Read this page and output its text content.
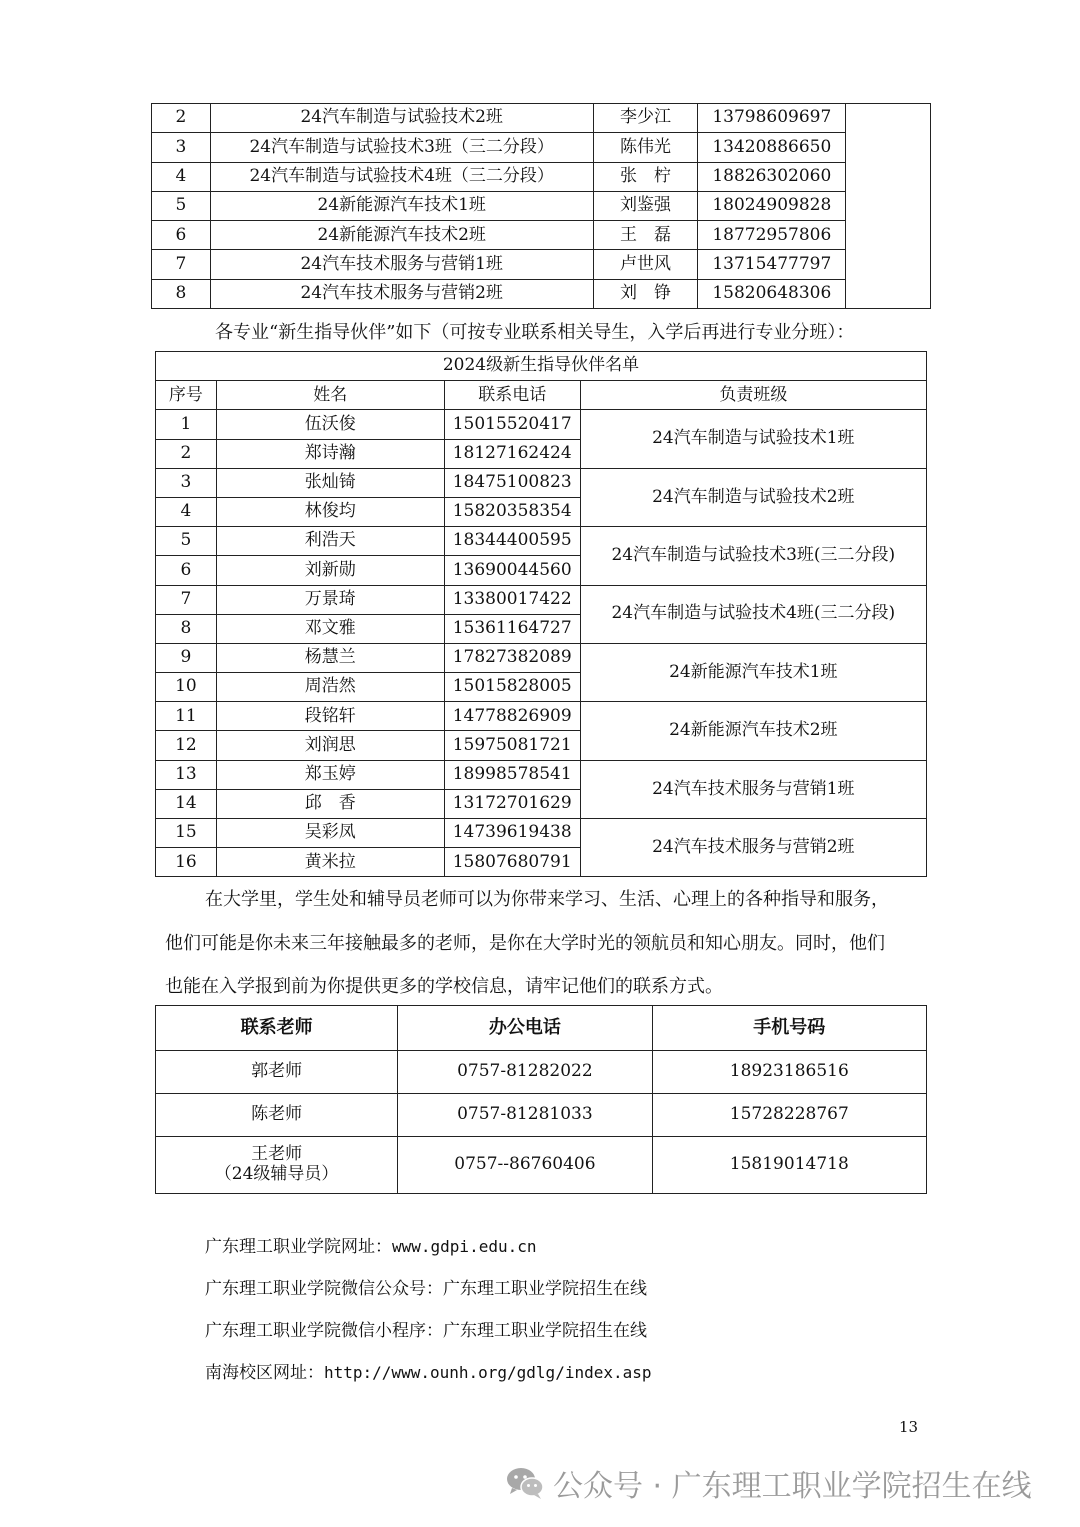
2	24汽车制造与试验技术2班	李少江	13798609697	
3	24汽车制造与试验技术3班（三二分段）	陈伟光	13420886650	
4	24汽车制造与试验技术4班（三二分段）	张　柠	18826302060	
5	24新能源汽车技术1班	刘鉴强	18024909828	
6	24新能源汽车技术2班	王　磊	18772957806	
7	24汽车技术服务与营销1班	卢世风	13715477797	
8	24汽车技术服务与营销2班	刘　铮	15820648306	
各专业“新生指导伙伴”如下（可按专业联系相关导生，入学后再进行专业分班）：
2024级新生指导伙伴名单			
序号	姓名	联系电话	负责班级
1	伍沃俊	15015520417	24汽车制造与试验技术1班
2	郑诗瀚	18127162424	
3	张灿锜	18475100823	24汽车制造与试验技术2班
4	林俊均	15820358354	
5	利浩天	18344400595	24汽车制造与试验技术3班(三二分段)
6	刘新勋	13690044560	
7	万景琦	13380017422	24汽车制造与试验技术4班(三二分段)
8	邓文雅	15361164727	
9	杨慧兰	17827382089	24新能源汽车技术1班
10	周浩然	15015828005	
11	段铭轩	14778826909	24新能源汽车技术2班
12	刘润思	15975081721	
13	郑玉婷	18998578541	24汽车技术服务与营销1班
14	邱　香	13172701629	
15	吴彩凤	14739619438	24汽车技术服务与营销2班
16	黄米拉	15807680791	
在大学里，学生处和辅导员老师可以为你带来学习、生活、心理上的各种指导和服务，
他们可能是你未来三年接触最多的老师，是你在大学时光的领航员和知心朋友。同时，他们
也能在入学报到前为你提供更多的学校信息，请牢记他们的联系方式。
联系老师	办公电话	手机号码
郭老师	0757-81282022	18923186516
陈老师	0757-81281033	15728228767

王老师
（24级辅导员）	0757--86760406	15819014718
广东理工职业学院网址：www.gdpi.edu.cn
广东理工职业学院微信公众号：广东理工职业学院招生在线
广东理工职业学院微信小程序：广东理工职业学院招生在线
南海校区网址：http://www.ounh.org/gdlg/index.asp
13
公众号 · 广东理工职业学院招生在线
